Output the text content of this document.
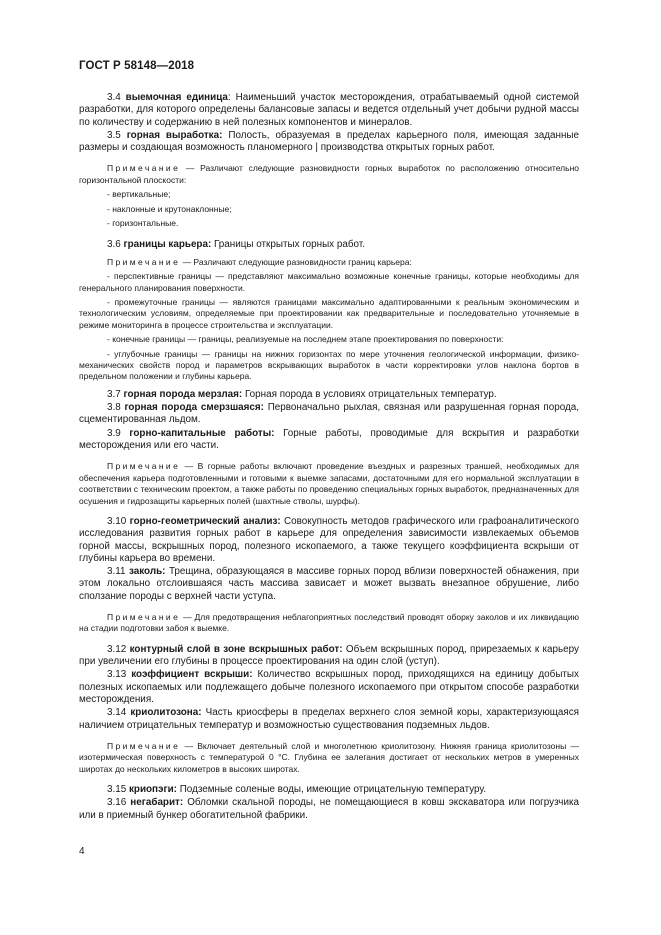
ГОСТ Р 58148—2018

3.4 выемочная единица: Наименьший участок месторождения, отрабатываемый одной системой разработки, для которого определены балансовые запасы и ведется отдельный учет добычи рудной массы по количеству и содержанию в ней полезных компонентов и минералов.

3.5 горная выработка: Полость, образуемая в пределах карьерного поля, имеющая заданные размеры и создающая возможность планомерного | производства открытых горных работ.

Примечание — Различают следующие разновидности горных выработок по расположению относительно горизонтальной плоскости:

- вертикальные;

- наклонные и крутонаклонные;

- горизонтальные.

3.6 границы карьера: Границы открытых горных работ.

Примечание — Различают следующие разновидности границ карьера:

- перспективные границы — представляют максимально возможные конечные границы, которые необходимы для генерального планирования поверхности.

- промежуточные границы — являются границами максимально адаптированными к реальным экономическим и технологическим условиям, определяемые при проектировании как предварительные и последовательно уточняемые в режиме мониторинга в процессе строительства и эксплуатации.

- конечные границы — границы, реализуемые на последнем этапе проектирования по поверхности:

- углубочные границы — границы на нижних горизонтах по мере уточнения геологической информации, физико-механических свойств пород и параметров вскрывающих выработок в части корректировки углов наклона бортов в предельном положении и глубины карьера.

3.7 горная порода мерзлая: Горная порода в условиях отрицательных температур.

3.8 горная порода смерзшаяся: Первоначально рыхлая, связная или разрушенная горная порода, сцементированная льдом.

3.9 горно-капитальные работы: Горные работы, проводимые для вскрытия и разработки месторождения или его части.

Примечание — В горные работы включают проведение въездных и разрезных траншей, необходимых для обеспечения карьера подготовленными и готовыми к выемке запасами, достаточными для его нормальной эксплуатации в соответствии с техническим проектом, а также работы по проведению специальных горных выработок, предназначенных для осушения и гидрозащиты карьерных полей (шахтные стволы, шурфы).

3.10 горно-геометрический анализ: Совокупность методов графического или графоаналитического исследования развития горных работ в карьере для определения зависимости извлекаемых объемов горной массы, вскрышных пород, полезного ископаемого, а также текущего коэффициента вскрыши от глубины карьера во времени.

3.11 заколь: Трещина, образующаяся в массиве горных пород вблизи поверхностей обнажения, при этом локально отслоившаяся часть массива зависает и может вызвать внезапное обрушение, либо сползание породы с верхней части уступа.

Примечание — Для предотвращения неблагоприятных последствий проводят оборку заколов и их ликвидацию на стадии подготовки забоя к выемке.

3.12 контурный слой в зоне вскрышных работ: Объем вскрышных пород, прирезаемых к карьеру при увеличении его глубины в процессе проектирования на один слой (уступ).

3.13 коэффициент вскрыши: Количество вскрышных пород, приходящихся на единицу добытых полезных ископаемых или подлежащего добыче полезного ископаемого при открытом способе разработки месторождения.

3.14 криолитозона: Часть криосферы в пределах верхнего слоя земной коры, характеризующаяся наличием отрицательных температур и возможностью существования подземных льдов.

Примечание — Включает деятельный слой и многолетнюю криолитозону. Нижняя граница криолитозоны — изотермическая поверхность с температурой 0 °С. Глубина ее залегания достигает от нескольких метров в умеренных широтах до нескольких километров в высоких широтах.

3.15 криопэги: Подземные соленые воды, имеющие отрицательную температуру.

3.16 негабарит: Обломки скальной породы, не помещающиеся в ковш экскаватора или погрузчика или в приемный бункер обогатительной фабрики.

4
